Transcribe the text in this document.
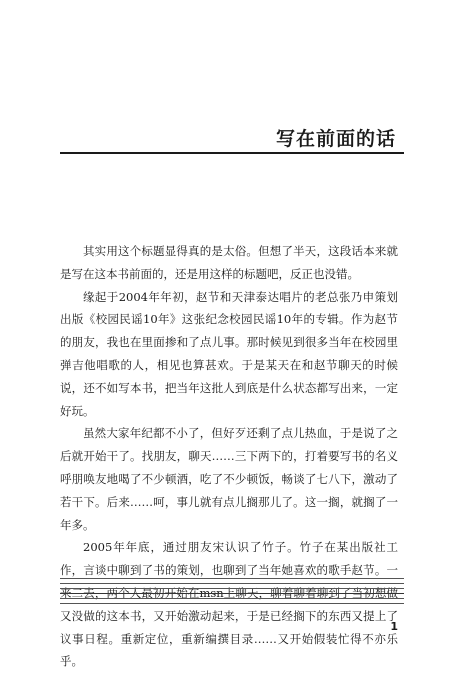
写在前面的话

其实用这个标题显得真的是太俗。但想了半天，这段话本来就是写在这本书前面的，还是用这样的标题吧，反正也没错。

缘起于2004年年初，赵节和天津泰达唱片的老总张乃申策划出版《校园民谣10年》这张纪念校园民谣10年的专辑。作为赵节的朋友，我也在里面掺和了点儿事。那时候见到很多当年在校园里弹吉他唱歌的人，相见也算甚欢。于是某天在和赵节聊天的时候说，还不如写本书，把当年这批人到底是什么状态都写出来，一定好玩。

虽然大家年纪都不小了，但好歹还剩了点儿热血，于是说了之后就开始干了。找朋友，聊天……三下两下的，打着要写书的名义呼朋唤友地喝了不少顿酒，吃了不少顿饭，畅谈了七八下，激动了若干下。后来……呵，事儿就有点儿搁那儿了。这一搁，就搁了一年多。

2005年年底，通过朋友宋认识了竹子。竹子在某出版社工作，言谈中聊到了书的策划，也聊到了当年她喜欢的歌手赵节。一来二去，两个人最初开始在msn上聊天，聊着聊着聊到了当初想做又没做的这本书，又开始激动起来，于是已经搁下的东西又提上了议事日程。重新定位，重新编撰目录……又开始假装忙得不亦乐乎。

1
